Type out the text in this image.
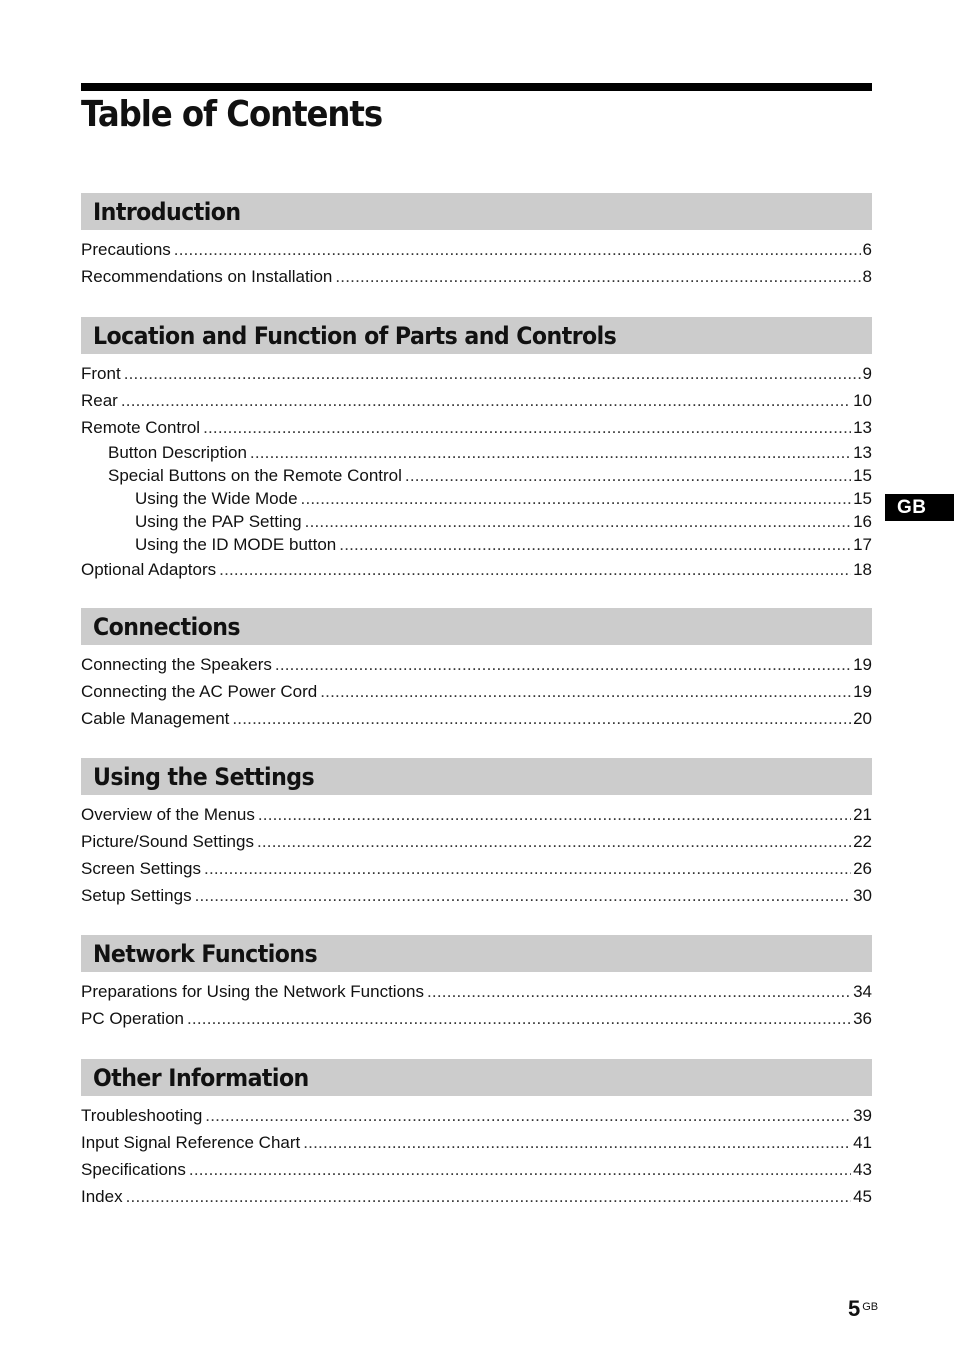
Table of Contents
Introduction
Precautions .....	6
Recommendations on Installation .....	8
Location and Function of Parts and Controls
Front .....	9
Rear .....	10
Remote Control .....	13
Button Description .....	13
Special Buttons on the Remote Control .....	15
Using the Wide Mode .....	15
Using the PAP Setting .....	16
Using the ID MODE button .....	17
Optional Adaptors .....	18
Connections
Connecting the Speakers .....	19
Connecting the AC Power Cord .....	19
Cable Management .....	20
Using the Settings
Overview of the Menus .....	21
Picture/Sound Settings .....	22
Screen Settings .....	26
Setup Settings .....	30
Network Functions
Preparations for Using the Network Functions .....	34
PC Operation .....	36
Other Information
Troubleshooting .....	39
Input Signal Reference Chart .....	41
Specifications .....	43
Index .....	45
GB
5 $^{GB}$
